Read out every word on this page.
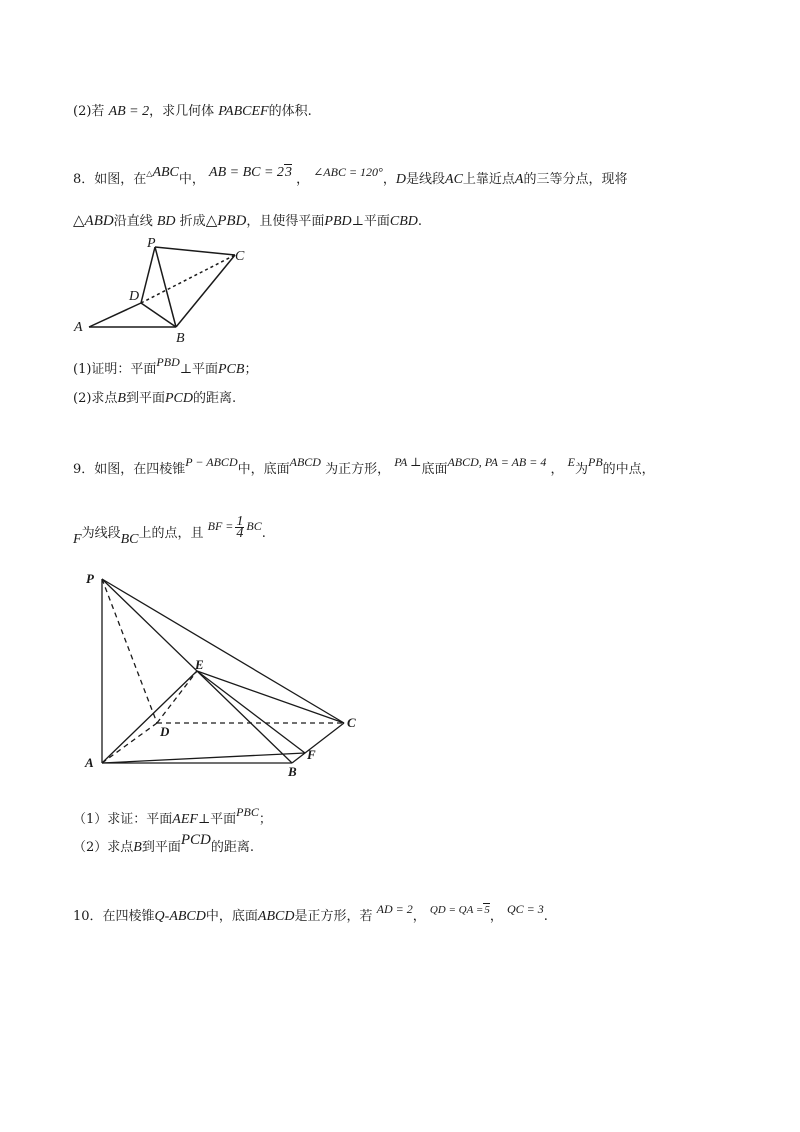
(2)若 AB = 2，求几何体 PABCEF的体积.
8．如图，在△ABC中， AB = BC = 23 ， ∠ABC = 120°，D是线段AC上靠近点A的三等分点，现将
△ABD沿直线 BD 折成△PBD，且使得平面PBD⊥平面CBD.
P
C
D
A
B
(1)证明：平面PBD⊥平面PCB；
(2)求点B到平面PCD的距离.
9．如图，在四棱锥P − ABCD中，底面ABCD 为正方形， PA ⊥底面ABCD, PA = AB = 4 ， E为PB的中点，
F为线段BC上的点，且 BF = $\frac{1}{4}$ BC.
P
E
D
C
A
B
F
（1）求证：平面AEF⊥平面PBC；
（2）求点B到平面PCD的距离.
10．在四棱锥Q-ABCD中，底面ABCD是正方形，若 AD = 2， QD = QA =5， QC = 3.
